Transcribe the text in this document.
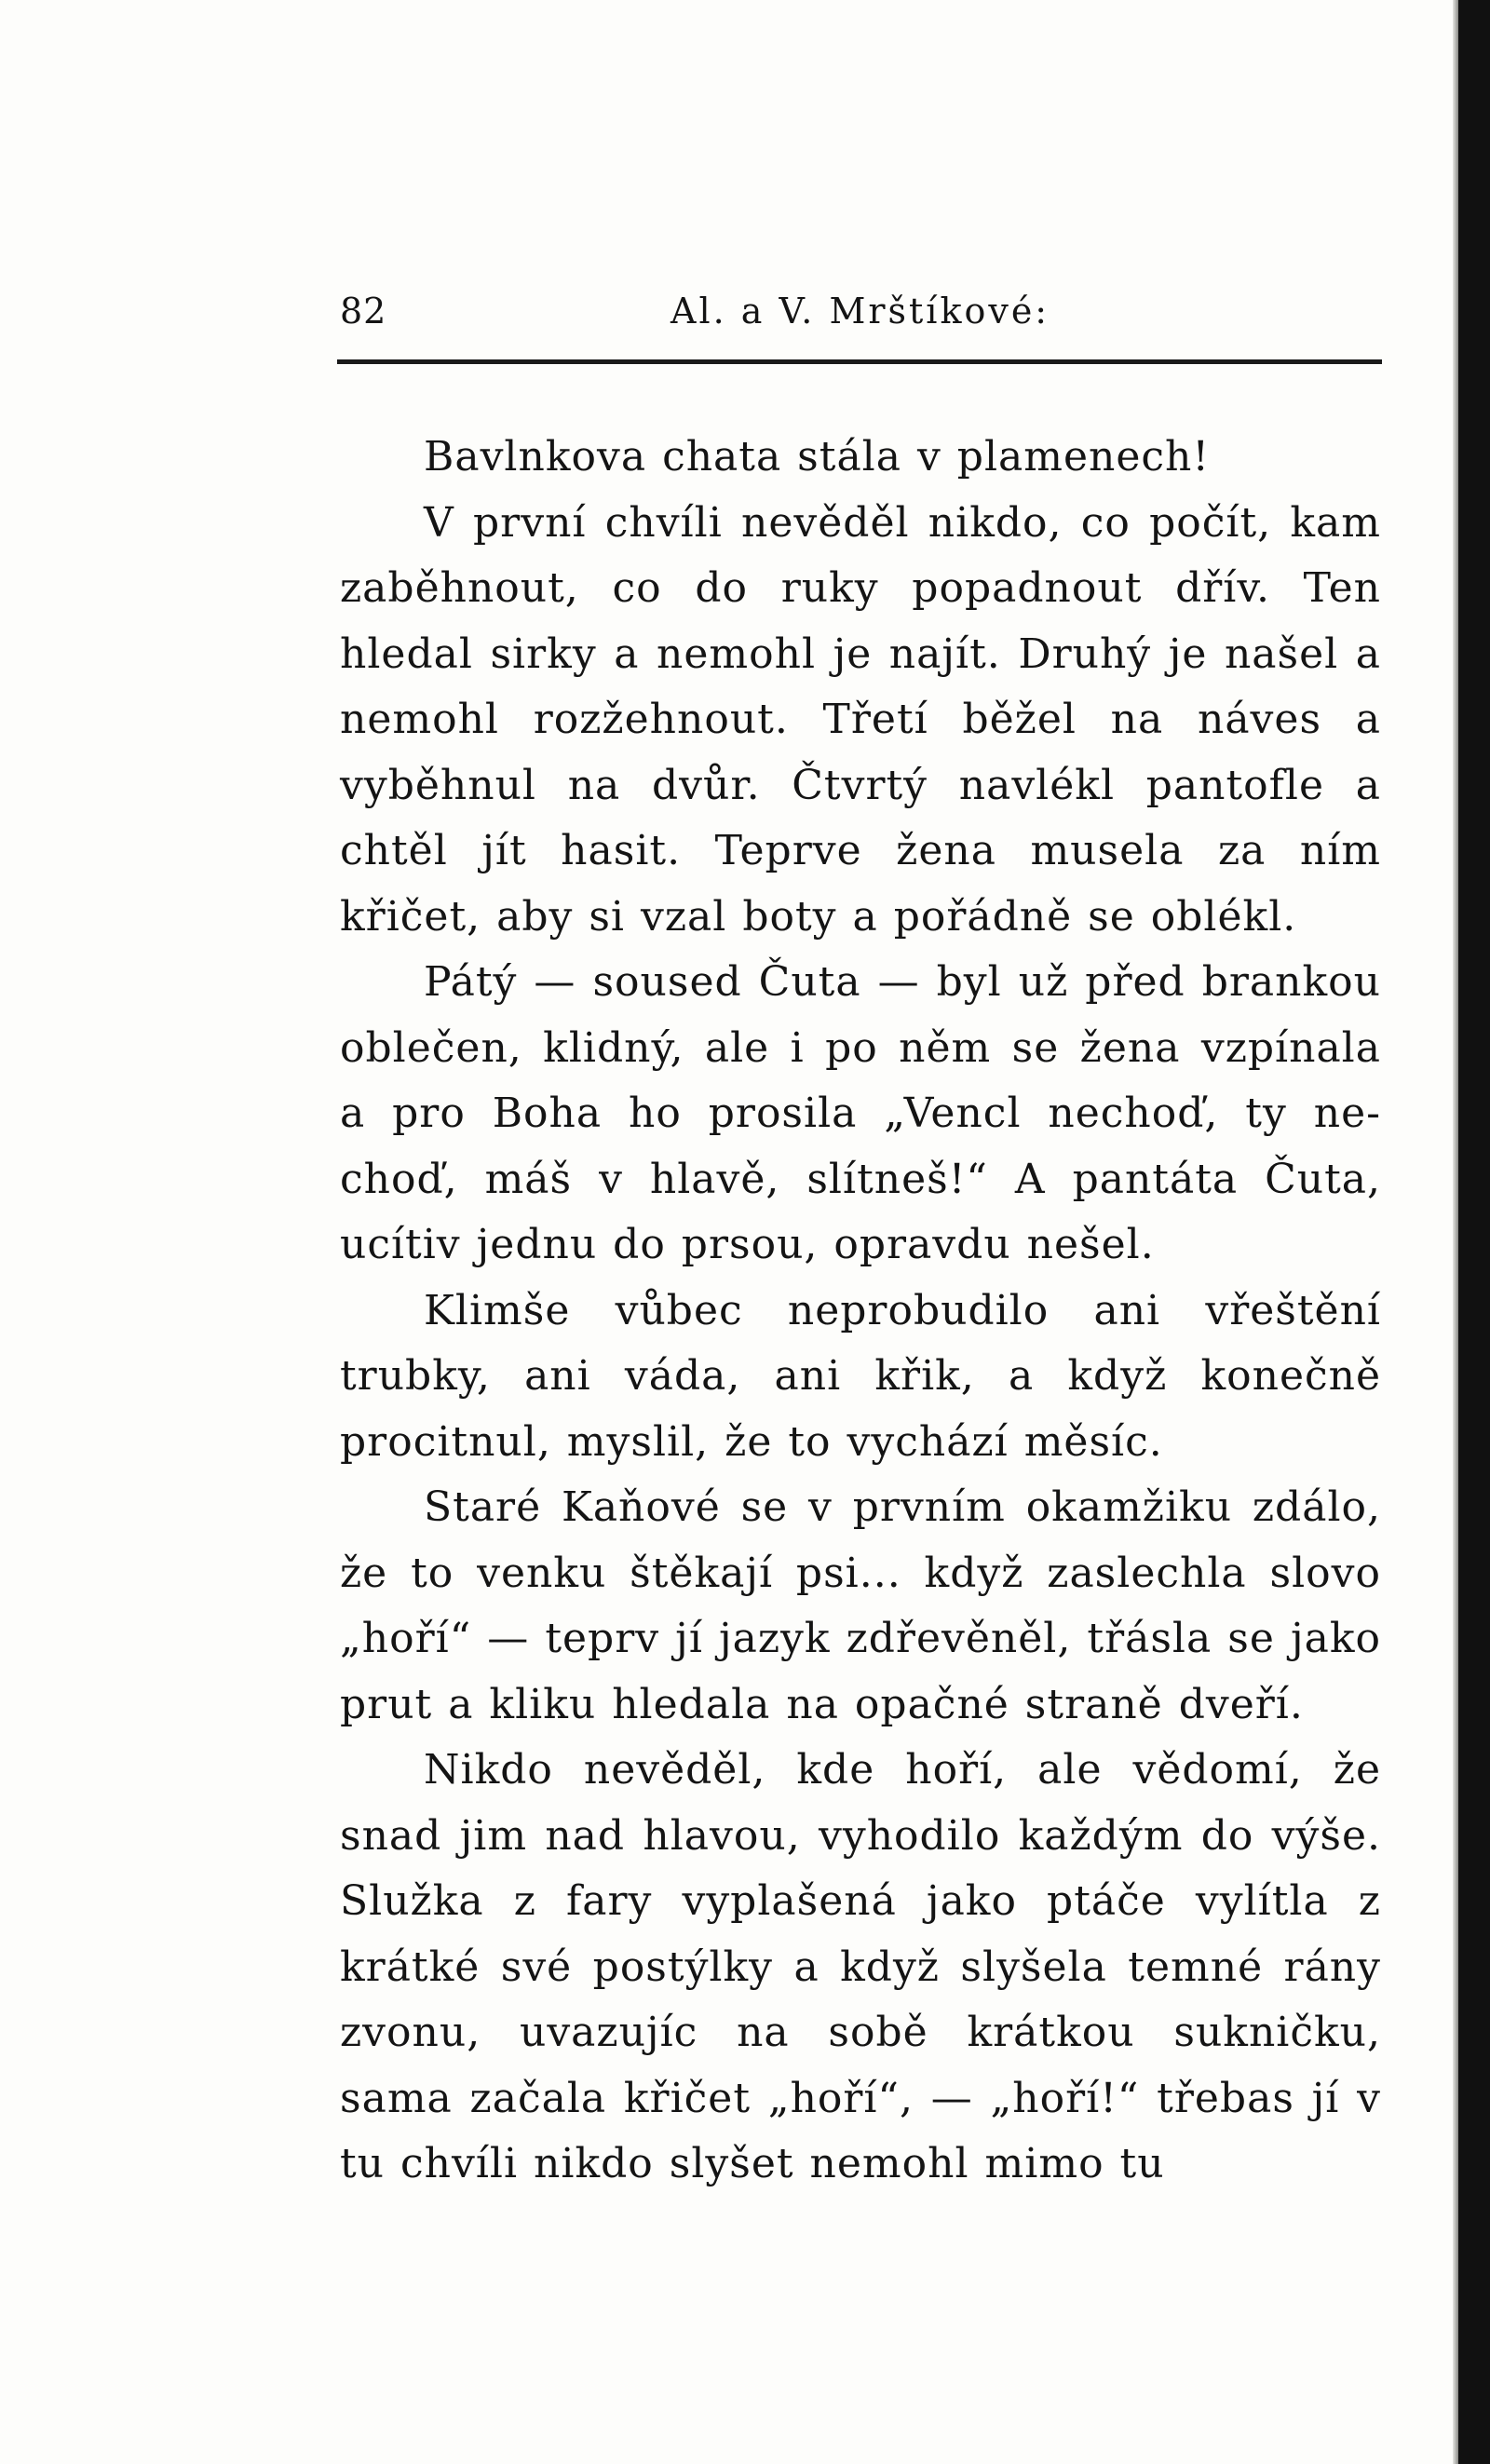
82	Al. a V. Mrštíkové:

Bavlnkova chata stála v plamenech!

V první chvíli nevěděl nikdo, co počít, kam zaběhnout, co do ruky popadnout dřív. Ten hledal sirky a nemohl je najít. Druhý je našel a nemohl rozžehnout. Třetí běžel na náves a vyběhnul na dvůr. Čtvrtý navlékl pantofle a chtěl jít hasit. Teprve žena musela za ním křičet, aby si vzal boty a pořádně se oblékl.

Pátý — soused Čuta — byl už před brankou oblečen, klidný, ale i po něm se žena vzpínala a pro Boha ho prosila „Vencl nechoď, ty ne- choď, máš v hlavě, slítneš!“ A pantáta Čuta, ucítiv jednu do prsou, opravdu nešel.

Klimše vůbec neprobudilo ani vřeštění trubky, ani váda, ani křik, a když konečně procitnul, myslil, že to vychází měsíc.

Staré Kaňové se v prvním okamžiku zdálo, že to venku štěkají psi... když zaslechla slovo „hoří“ — teprv jí jazyk zdřevěněl, třásla se jako prut a kliku hledala na opačné straně dveří.

Nikdo nevěděl, kde hoří, ale vědomí, že snad jim nad hlavou, vyhodilo každým do výše. Služka z fary vyplašená jako ptáče vylítla z krátké své postýlky a když slyšela temné rány zvonu, uvazujíc na sobě krátkou sukničku, sama začala křičet „hoří“, — „hoří!“ třebas jí v tu chvíli nikdo slyšet nemohl mimo tu
